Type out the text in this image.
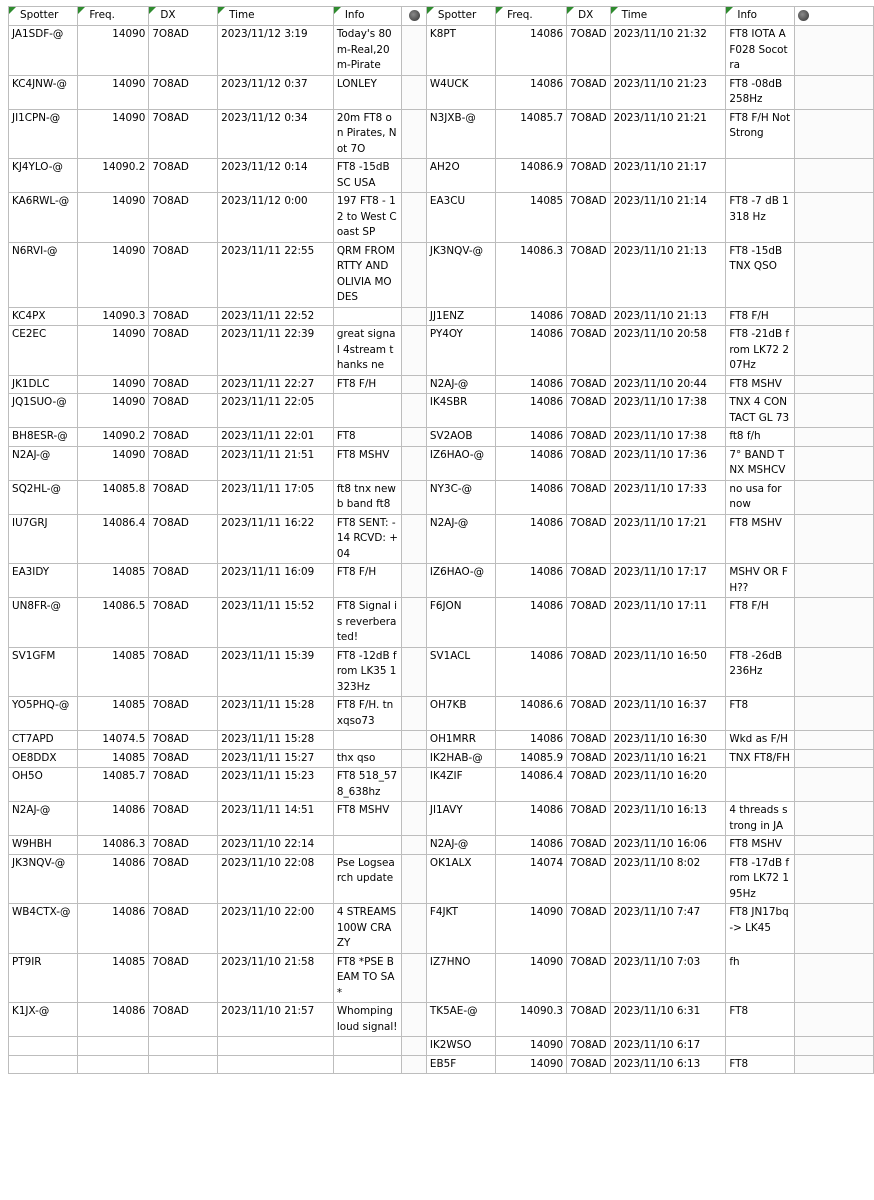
Spotter	Freq.	DX	Time	Info		Spotter	Freq.	DX	Time	Info	
JA1SDF-@	14090	7O8AD	2023/11/12 3:19	Today's 80m-Real,20m-Pirate		K8PT	14086	7O8AD	2023/11/10 21:32	FT8 IOTA AF028 Socotra	
KC4JNW-@	14090	7O8AD	2023/11/12 0:37	LONLEY		W4UCK	14086	7O8AD	2023/11/10 21:23	FT8 -08dB 258Hz	
JI1CPN-@	14090	7O8AD	2023/11/12 0:34	20m FT8 on Pirates, Not 7O		N3JXB-@	14085.7	7O8AD	2023/11/10 21:21	FT8 F/H Not Strong	
KJ4YLO-@	14090.2	7O8AD	2023/11/12 0:14	FT8 -15dB SC USA		AH2O	14086.9	7O8AD	2023/11/10 21:17		
KA6RWL-@	14090	7O8AD	2023/11/12 0:00	197 FT8 - 12 to West Coast SP		EA3CU	14085	7O8AD	2023/11/10 21:14	FT8 -7 dB 1318 Hz	
N6RVI-@	14090	7O8AD	2023/11/11 22:55	QRM FROM RTTY AND OLIVIA MODES		JK3NQV-@	14086.3	7O8AD	2023/11/10 21:13	FT8 -15dB TNX QSO	
KC4PX	14090.3	7O8AD	2023/11/11 22:52			JJ1ENZ	14086	7O8AD	2023/11/10 21:13	FT8 F/H	
CE2EC	14090	7O8AD	2023/11/11 22:39	great signal 4stream thanks ne		PY4OY	14086	7O8AD	2023/11/10 20:58	FT8 -21dB from LK72 207Hz	
JK1DLC	14090	7O8AD	2023/11/11 22:27	FT8 F/H		N2AJ-@	14086	7O8AD	2023/11/10 20:44	FT8 MSHV	
JQ1SUO-@	14090	7O8AD	2023/11/11 22:05			IK4SBR	14086	7O8AD	2023/11/10 17:38	TNX 4 CONTACT GL 73	
BH8ESR-@	14090.2	7O8AD	2023/11/11 22:01	FT8		SV2AOB	14086	7O8AD	2023/11/10 17:38	ft8 f/h	
N2AJ-@	14090	7O8AD	2023/11/11 21:51	FT8 MSHV		IZ6HAO-@	14086	7O8AD	2023/11/10 17:36	7° BAND TNX MSHCV	
SQ2HL-@	14085.8	7O8AD	2023/11/11 17:05	ft8 tnx newb band ft8		NY3C-@	14086	7O8AD	2023/11/10 17:33	no usa for now	
IU7GRJ	14086.4	7O8AD	2023/11/11 16:22	FT8 SENT: -14 RCVD: +04		N2AJ-@	14086	7O8AD	2023/11/10 17:21	FT8 MSHV	
EA3IDY	14085	7O8AD	2023/11/11 16:09	FT8 F/H		IZ6HAO-@	14086	7O8AD	2023/11/10 17:17	MSHV OR FH??	
UN8FR-@	14086.5	7O8AD	2023/11/11 15:52	FT8 Signal is reverberated!		F6JON	14086	7O8AD	2023/11/10 17:11	FT8 F/H	
SV1GFM	14085	7O8AD	2023/11/11 15:39	FT8 -12dB from LK35 1323Hz		SV1ACL	14086	7O8AD	2023/11/10 16:50	FT8 -26dB 236Hz	
YO5PHQ-@	14085	7O8AD	2023/11/11 15:28	FT8 F/H. tnxqso73		OH7KB	14086.6	7O8AD	2023/11/10 16:37	FT8	
CT7APD	14074.5	7O8AD	2023/11/11 15:28			OH1MRR	14086	7O8AD	2023/11/10 16:30	Wkd as F/H	
OE8DDX	14085	7O8AD	2023/11/11 15:27	thx qso		IK2HAB-@	14085.9	7O8AD	2023/11/10 16:21	TNX FT8/FH	
OH5O	14085.7	7O8AD	2023/11/11 15:23	FT8 518_578_638hz		IK4ZIF	14086.4	7O8AD	2023/11/10 16:20		
N2AJ-@	14086	7O8AD	2023/11/11 14:51	FT8 MSHV		JI1AVY	14086	7O8AD	2023/11/10 16:13	4 threads strong in JA	
W9HBH	14086.3	7O8AD	2023/11/10 22:14			N2AJ-@	14086	7O8AD	2023/11/10 16:06	FT8 MSHV	
JK3NQV-@	14086	7O8AD	2023/11/10 22:08	Pse Logsearch update		OK1ALX	14074	7O8AD	2023/11/10 8:02	FT8 -17dB from LK72 195Hz	
WB4CTX-@	14086	7O8AD	2023/11/10 22:00	4 STREAMS 100W CRAZY		F4JKT	14090	7O8AD	2023/11/10 7:47	FT8 JN17bq -> LK45	
PT9IR	14085	7O8AD	2023/11/10 21:58	FT8 *PSE BEAM TO SA*		IZ7HNO	14090	7O8AD	2023/11/10 7:03	fh	
K1JX-@	14086	7O8AD	2023/11/10 21:57	Whomping loud signal!		TK5AE-@	14090.3	7O8AD	2023/11/10 6:31	FT8	
						IK2WSO	14090	7O8AD	2023/11/10 6:17		
						EB5F	14090	7O8AD	2023/11/10 6:13	FT8	
